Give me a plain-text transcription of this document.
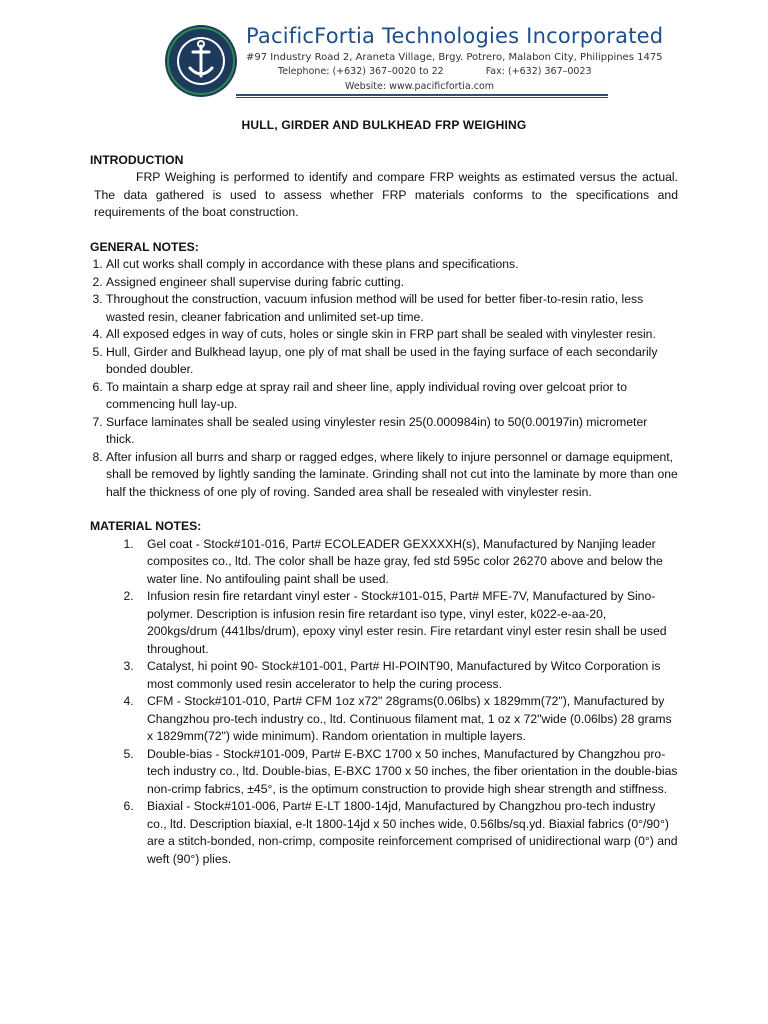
PacificFortia Technologies Incorporated
#97 Industry Road 2, Araneta Village, Brgy. Potrero, Malabon City, Philippines 1475
Telephone: (+632) 367–0020 to 22	Fax: (+632) 367–0023
Website: www.pacificfortia.com
HULL, GIRDER AND BULKHEAD FRP WEIGHING
INTRODUCTION
FRP Weighing is performed to identify and compare FRP weights as estimated versus the actual. The data gathered is used to assess whether FRP materials conforms to the specifications and requirements of the boat construction.
GENERAL NOTES:
1. All cut works shall comply in accordance with these plans and specifications.
2. Assigned engineer shall supervise during fabric cutting.
3. Throughout the construction, vacuum infusion method will be used for better fiber-to-resin ratio, less wasted resin, cleaner fabrication and unlimited set-up time.
4. All exposed edges in way of cuts, holes or single skin in FRP part shall be sealed with vinylester resin.
5. Hull, Girder and Bulkhead layup, one ply of mat shall be used in the faying surface of each secondarily bonded doubler.
6. To maintain a sharp edge at spray rail and sheer line, apply individual roving over gelcoat prior to commencing hull lay-up.
7. Surface laminates shall be sealed using vinylester resin 25(0.000984in) to 50(0.00197in) micrometer thick.
8. After infusion all burrs and sharp or ragged edges, where likely to injure personnel or damage equipment, shall be removed by lightly sanding the laminate. Grinding shall not cut into the laminate by more than one half the thickness of one ply of roving. Sanded area shall be resealed with vinylester resin.
MATERIAL NOTES:
1. Gel coat - Stock#101-016, Part# ECOLEADER GEXXXXH(s), Manufactured by Nanjing leader composites co., ltd. The color shall be haze gray, fed std 595c color 26270 above and below the water line. No antifouling paint shall be used.
2. Infusion resin fire retardant vinyl ester - Stock#101-015, Part# MFE-7V, Manufactured by Sino-polymer. Description is infusion resin fire retardant iso type, vinyl ester, k022-e-aa-20, 200kgs/drum (441lbs/drum), epoxy vinyl ester resin. Fire retardant vinyl ester resin shall be used throughout.
3. Catalyst, hi point 90- Stock#101-001, Part# HI-POINT90, Manufactured by Witco Corporation is most commonly used resin accelerator to help the curing process.
4. CFM - Stock#101-010, Part# CFM 1oz x72" 28grams(0.06lbs) x 1829mm(72"), Manufactured by Changzhou pro-tech industry co., ltd. Continuous filament mat, 1 oz x 72"wide (0.06lbs) 28 grams x 1829mm(72") wide minimum). Random orientation in multiple layers.
5. Double-bias - Stock#101-009, Part# E-BXC 1700 x 50 inches, Manufactured by Changzhou pro-tech industry co., ltd. Double-bias, E-BXC 1700 x 50 inches, the fiber orientation in the double-bias non-crimp fabrics, ±45°, is the optimum construction to provide high shear strength and stiffness.
6. Biaxial - Stock#101-006, Part# E-LT 1800-14jd, Manufactured by Changzhou pro-tech industry co., ltd. Description biaxial, e-lt 1800-14jd x 50 inches wide, 0.56lbs/sq.yd. Biaxial fabrics (0°/90°) are a stitch-bonded, non-crimp, composite reinforcement comprised of unidirectional warp (0°) and weft (90°) plies.
